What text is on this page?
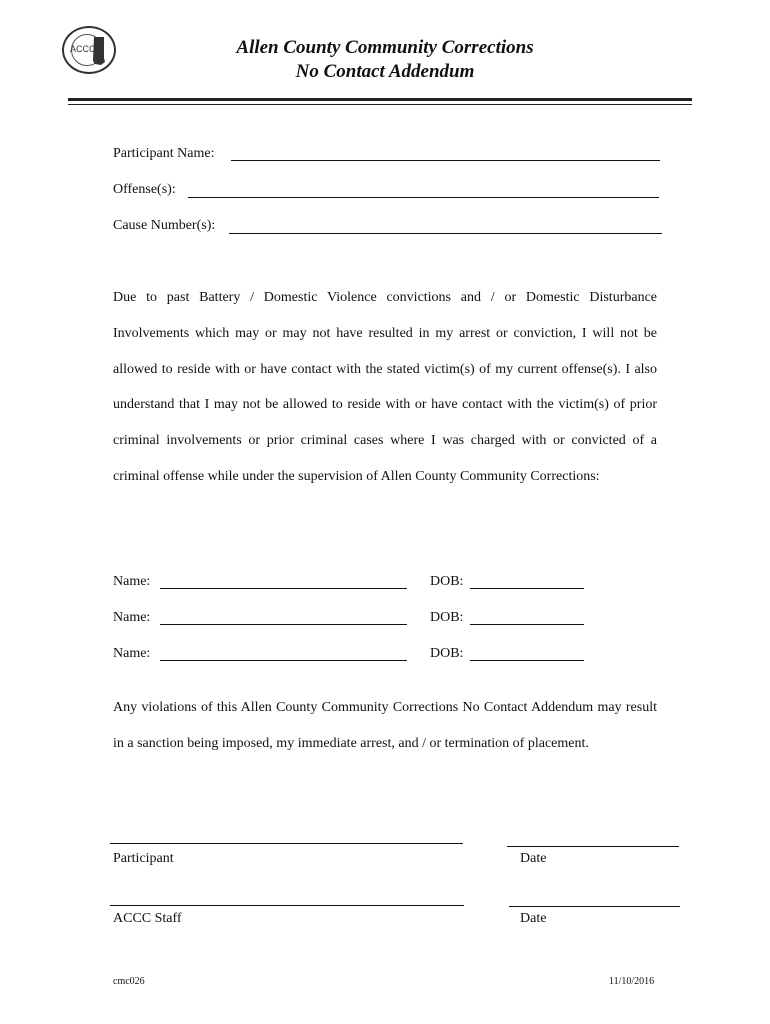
ACCC	Allen County Community Corrections
No Contact Addendum
Participant Name:
Offense(s):
Cause Number(s):

Due to past Battery / Domestic Violence convictions and / or Domestic Disturbance Involvements which may or may not have resulted in my arrest or conviction, I will not be allowed to reside with or have contact with the stated victim(s) of my current offense(s). I also understand that I may not be allowed to reside with or have contact with the victim(s) of prior criminal involvements or prior criminal cases where I was charged with or convicted of a criminal offense while under the supervision of Allen County Community Corrections:

Name:	DOB:
Name:	DOB:
Name:	DOB:

Any violations of this Allen County Community Corrections No Contact Addendum may result in a sanction being imposed, my immediate arrest, and / or termination of placement.

Participant	Date
ACCC Staff	Date
cmc026	11/10/2016
